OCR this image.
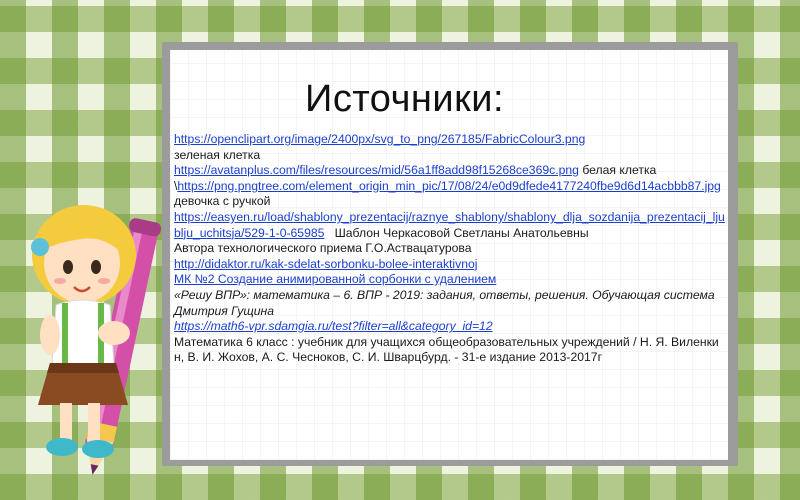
Источники:

https://openclipart.org/image/2400px/svg_to_png/267185/FabricColour3.png
зеленая клетка

https://avatanplus.com/files/resources/mid/56a1ff8add98f15268ce369c.png белая клетка

\https://png.pngtree.com/element_origin_min_pic/17/08/24/e0d9dfede4177240fbe9d6d14acbbb87.jpg девочка с ручкой

https://easyen.ru/load/shablony_prezentacij/raznye_shablony/shablony_dlja_sozdanija_prezentacij_ljublju_uchitsja/529-1-0-65985 Шаблон Черкасовой Светланы Анатольевны

Автора технологического приема Г.О.Аствацатурова

http://didaktor.ru/kak-sdelat-sorbonku-bolee-interaktivnoj

МК №2 Создание анимированной сорбонки с удалением

«Решу ВПР»: математика – 6. ВПР - 2019: задания, ответы, решения. Обучающая система Дмитрия Гущина

https://math6-vpr.sdamgia.ru/test?filter=all&category_id=12

Математика 6 класс : учебник для учащихся общеобразовательных учреждений / Н. Я. Виленкин, В. И. Жохов, А. С. Чесноков, С. И. Шварцбурд. - 31-е издание 2013-2017г
